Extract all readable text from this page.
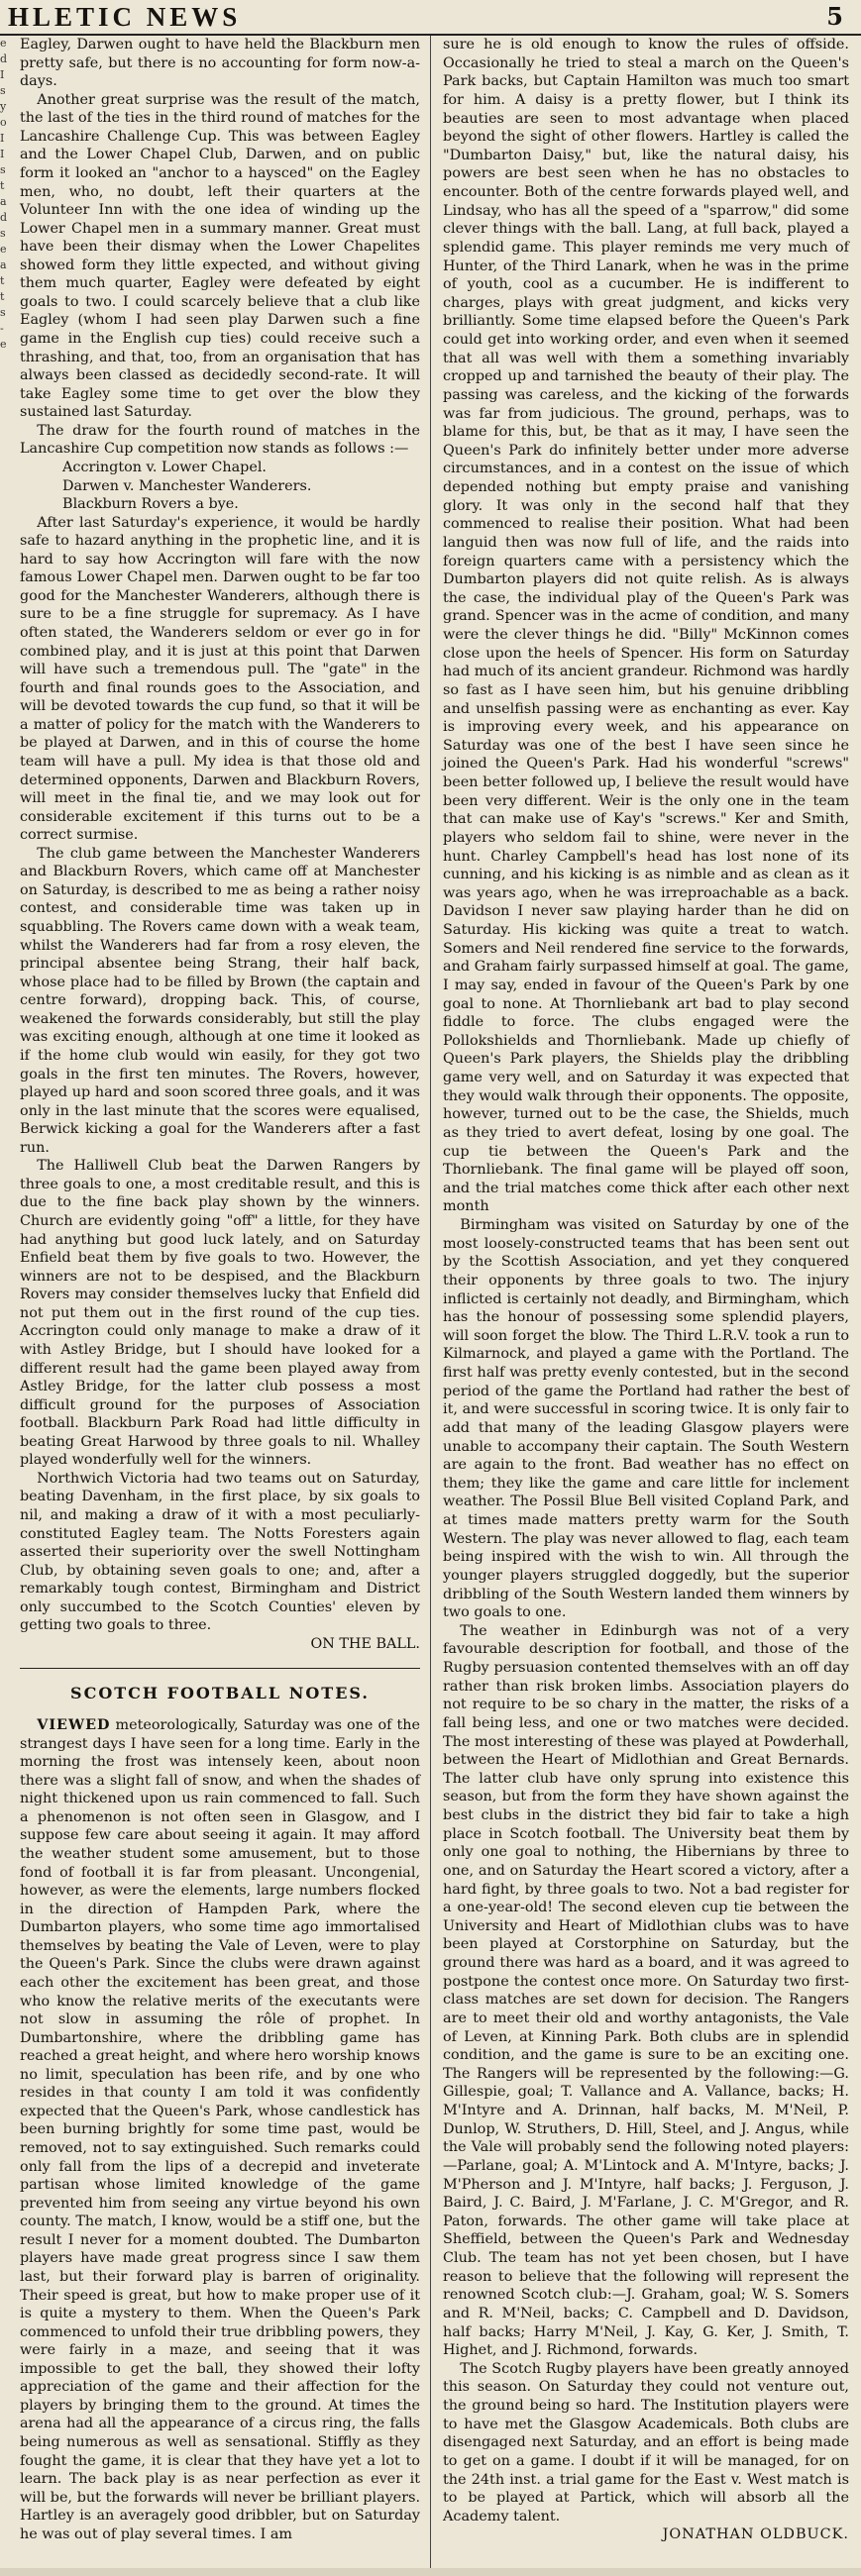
HLETIC NEWS	5
e
d
I
s
y
o
I
I
s
t
a
d
s
e
a
t
t
s
-
e

Eagley, Darwen ought to have held the Blackburn men pretty safe, but there is no accounting for form now-a-days.

Another great surprise was the result of the match, the last of the ties in the third round of matches for the Lancashire Challenge Cup. This was between Eagley and the Lower Chapel Club, Darwen, and on public form it looked an "anchor to a haysced" on the Eagley men, who, no doubt, left their quarters at the Volunteer Inn with the one idea of winding up the Lower Chapel men in a summary manner. Great must have been their dismay when the Lower Chapelites showed form they little expected, and without giving them much quarter, Eagley were defeated by eight goals to two. I could scarcely believe that a club like Eagley (whom I had seen play Darwen such a fine game in the English cup ties) could receive such a thrashing, and that, too, from an organisation that has always been classed as decidedly second-rate. It will take Eagley some time to get over the blow they sustained last Saturday.

The draw for the fourth round of matches in the Lancashire Cup competition now stands as follows :—

Accrington v. Lower Chapel.

Darwen v. Manchester Wanderers.

Blackburn Rovers a bye.

After last Saturday's experience, it would be hardly safe to hazard anything in the prophetic line, and it is hard to say how Accrington will fare with the now famous Lower Chapel men. Darwen ought to be far too good for the Manchester Wanderers, although there is sure to be a fine struggle for supremacy. As I have often stated, the Wanderers seldom or ever go in for combined play, and it is just at this point that Darwen will have such a tremendous pull. The "gate" in the fourth and final rounds goes to the Association, and will be devoted towards the cup fund, so that it will be a matter of policy for the match with the Wanderers to be played at Darwen, and in this of course the home team will have a pull. My idea is that those old and determined opponents, Darwen and Blackburn Rovers, will meet in the final tie, and we may look out for considerable excitement if this turns out to be a correct surmise.

The club game between the Manchester Wanderers and Blackburn Rovers, which came off at Manchester on Saturday, is described to me as being a rather noisy contest, and considerable time was taken up in squabbling. The Rovers came down with a weak team, whilst the Wanderers had far from a rosy eleven, the principal absentee being Strang, their half back, whose place had to be filled by Brown (the captain and centre forward), dropping back. This, of course, weakened the forwards considerably, but still the play was exciting enough, although at one time it looked as if the home club would win easily, for they got two goals in the first ten minutes. The Rovers, however, played up hard and soon scored three goals, and it was only in the last minute that the scores were equalised, Berwick kicking a goal for the Wanderers after a fast run.

The Halliwell Club beat the Darwen Rangers by three goals to one, a most creditable result, and this is due to the fine back play shown by the winners. Church are evidently going "off" a little, for they have had anything but good luck lately, and on Saturday Enfield beat them by five goals to two. However, the winners are not to be despised, and the Blackburn Rovers may consider themselves lucky that Enfield did not put them out in the first round of the cup ties. Accrington could only manage to make a draw of it with Astley Bridge, but I should have looked for a different result had the game been played away from Astley Bridge, for the latter club possess a most difficult ground for the purposes of Association football. Blackburn Park Road had little difficulty in beating Great Harwood by three goals to nil. Whalley played wonderfully well for the winners.

Northwich Victoria had two teams out on Saturday, beating Davenham, in the first place, by six goals to nil, and making a draw of it with a most peculiarly-constituted Eagley team. The Notts Foresters again asserted their superiority over the swell Nottingham Club, by obtaining seven goals to one; and, after a remarkably tough contest, Birmingham and District only succumbed to the Scotch Counties' eleven by getting two goals to three.

ON THE BALL.

SCOTCH FOOTBALL NOTES.

VIEWED meteorologically, Saturday was one of the strangest days I have seen for a long time. Early in the morning the frost was intensely keen, about noon there was a slight fall of snow, and when the shades of night thickened upon us rain commenced to fall. Such a phenomenon is not often seen in Glasgow, and I suppose few care about seeing it again. It may afford the weather student some amusement, but to those fond of football it is far from pleasant. Uncongenial, however, as were the elements, large numbers flocked in the direction of Hampden Park, where the Dumbarton players, who some time ago immortalised themselves by beating the Vale of Leven, were to play the Queen's Park. Since the clubs were drawn against each other the excitement has been great, and those who know the relative merits of the executants were not slow in assuming the rôle of prophet. In Dumbartonshire, where the dribbling game has reached a great height, and where hero worship knows no limit, speculation has been rife, and by one who resides in that county I am told it was confidently expected that the Queen's Park, whose candlestick has been burning brightly for some time past, would be removed, not to say extinguished. Such remarks could only fall from the lips of a decrepid and inveterate partisan whose limited knowledge of the game prevented him from seeing any virtue beyond his own county. The match, I know, would be a stiff one, but the result I never for a moment doubted. The Dumbarton players have made great progress since I saw them last, but their forward play is barren of originality. Their speed is great, but how to make proper use of it is quite a mystery to them. When the Queen's Park commenced to unfold their true dribbling powers, they were fairly in a maze, and seeing that it was impossible to get the ball, they showed their lofty appreciation of the game and their affection for the players by bringing them to the ground. At times the arena had all the appearance of a circus ring, the falls being numerous as well as sensational. Stiffly as they fought the game, it is clear that they have yet a lot to learn. The back play is as near perfection as ever it will be, but the forwards will never be brilliant players. Hartley is an averagely good dribbler, but on Saturday he was out of play several times. I am

sure he is old enough to know the rules of offside. Occasionally he tried to steal a march on the Queen's Park backs, but Captain Hamilton was much too smart for him. A daisy is a pretty flower, but I think its beauties are seen to most advantage when placed beyond the sight of other flowers. Hartley is called the "Dumbarton Daisy," but, like the natural daisy, his powers are best seen when he has no obstacles to encounter. Both of the centre forwards played well, and Lindsay, who has all the speed of a "sparrow," did some clever things with the ball. Lang, at full back, played a splendid game. This player reminds me very much of Hunter, of the Third Lanark, when he was in the prime of youth, cool as a cucumber. He is indifferent to charges, plays with great judgment, and kicks very brilliantly. Some time elapsed before the Queen's Park could get into working order, and even when it seemed that all was well with them a something invariably cropped up and tarnished the beauty of their play. The passing was careless, and the kicking of the forwards was far from judicious. The ground, perhaps, was to blame for this, but, be that as it may, I have seen the Queen's Park do infinitely better under more adverse circumstances, and in a contest on the issue of which depended nothing but empty praise and vanishing glory. It was only in the second half that they commenced to realise their position. What had been languid then was now full of life, and the raids into foreign quarters came with a persistency which the Dumbarton players did not quite relish. As is always the case, the individual play of the Queen's Park was grand. Spencer was in the acme of condition, and many were the clever things he did. "Billy" McKinnon comes close upon the heels of Spencer. His form on Saturday had much of its ancient grandeur. Richmond was hardly so fast as I have seen him, but his genuine dribbling and unselfish passing were as enchanting as ever. Kay is improving every week, and his appearance on Saturday was one of the best I have seen since he joined the Queen's Park. Had his wonderful "screws" been better followed up, I believe the result would have been very different. Weir is the only one in the team that can make use of Kay's "screws." Ker and Smith, players who seldom fail to shine, were never in the hunt. Charley Campbell's head has lost none of its cunning, and his kicking is as nimble and as clean as it was years ago, when he was irreproachable as a back. Davidson I never saw playing harder than he did on Saturday. His kicking was quite a treat to watch. Somers and Neil rendered fine service to the forwards, and Graham fairly surpassed himself at goal. The game, I may say, ended in favour of the Queen's Park by one goal to none. At Thornliebank art bad to play second fiddle to force. The clubs engaged were the Pollokshields and Thornliebank. Made up chiefly of Queen's Park players, the Shields play the dribbling game very well, and on Saturday it was expected that they would walk through their opponents. The opposite, however, turned out to be the case, the Shields, much as they tried to avert defeat, losing by one goal. The cup tie between the Queen's Park and the Thornliebank. The final game will be played off soon, and the trial matches come thick after each other next month

Birmingham was visited on Saturday by one of the most loosely-constructed teams that has been sent out by the Scottish Association, and yet they conquered their opponents by three goals to two. The injury inflicted is certainly not deadly, and Birmingham, which has the honour of possessing some splendid players, will soon forget the blow. The Third L.R.V. took a run to Kilmarnock, and played a game with the Portland. The first half was pretty evenly contested, but in the second period of the game the Portland had rather the best of it, and were successful in scoring twice. It is only fair to add that many of the leading Glasgow players were unable to accompany their captain. The South Western are again to the front. Bad weather has no effect on them; they like the game and care little for inclement weather. The Possil Blue Bell visited Copland Park, and at times made matters pretty warm for the South Western. The play was never allowed to flag, each team being inspired with the wish to win. All through the younger players struggled doggedly, but the superior dribbling of the South Western landed them winners by two goals to one.

The weather in Edinburgh was not of a very favourable description for football, and those of the Rugby persuasion contented themselves with an off day rather than risk broken limbs. Association players do not require to be so chary in the matter, the risks of a fall being less, and one or two matches were decided. The most interesting of these was played at Powderhall, between the Heart of Midlothian and Great Bernards. The latter club have only sprung into existence this season, but from the form they have shown against the best clubs in the district they bid fair to take a high place in Scotch football. The University beat them by only one goal to nothing, the Hibernians by three to one, and on Saturday the Heart scored a victory, after a hard fight, by three goals to two. Not a bad register for a one-year-old! The second eleven cup tie between the University and Heart of Midlothian clubs was to have been played at Corstorphine on Saturday, but the ground there was hard as a board, and it was agreed to postpone the contest once more. On Saturday two first-class matches are set down for decision. The Rangers are to meet their old and worthy antagonists, the Vale of Leven, at Kinning Park. Both clubs are in splendid condition, and the game is sure to be an exciting one. The Rangers will be represented by the following:—G. Gillespie, goal; T. Vallance and A. Vallance, backs; H. M'Intyre and A. Drinnan, half backs, M. M'Neil, P. Dunlop, W. Struthers, D. Hill, Steel, and J. Angus, while the Vale will probably send the following noted players:—Parlane, goal; A. M'Lintock and A. M'Intyre, backs; J. M'Pherson and J. M'Intyre, half backs; J. Ferguson, J. Baird, J. C. Baird, J. M'Farlane, J. C. M'Gregor, and R. Paton, forwards. The other game will take place at Sheffield, between the Queen's Park and Wednesday Club. The team has not yet been chosen, but I have reason to believe that the following will represent the renowned Scotch club:—J. Graham, goal; W. S. Somers and R. M'Neil, backs; C. Campbell and D. Davidson, half backs; Harry M'Neil, J. Kay, G. Ker, J. Smith, T. Highet, and J. Richmond, forwards.

The Scotch Rugby players have been greatly annoyed this season. On Saturday they could not venture out, the ground being so hard. The Institution players were to have met the Glasgow Academicals. Both clubs are disengaged next Saturday, and an effort is being made to get on a game. I doubt if it will be managed, for on the 24th inst. a trial game for the East v. West match is to be played at Partick, which will absorb all the Academy talent.

JONATHAN OLDBUCK.
